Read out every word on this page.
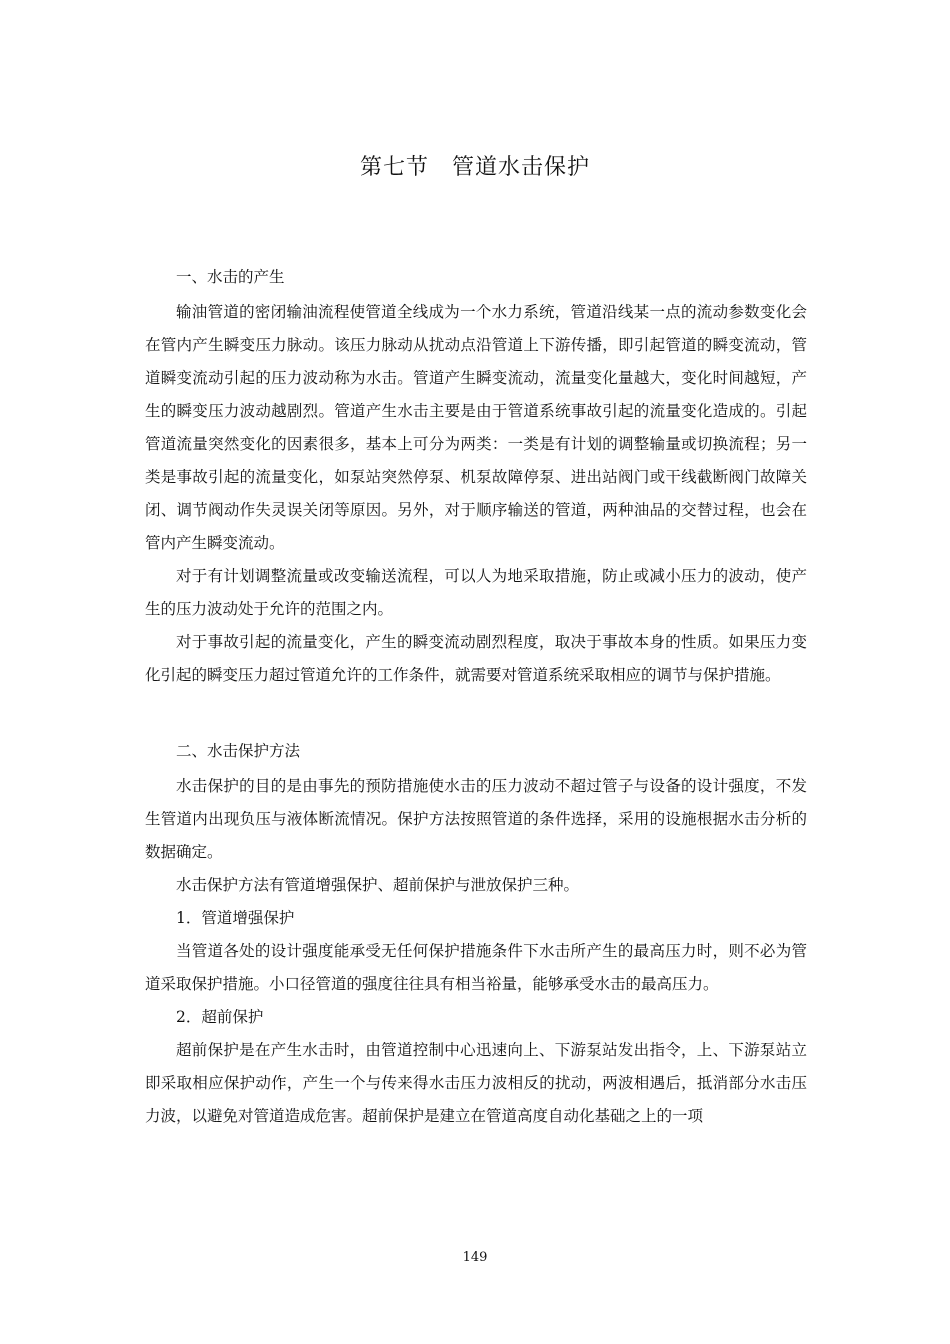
第七节　管道水击保护
一、水击的产生

输油管道的密闭输油流程使管道全线成为一个水力系统，管道沿线某一点的流动参数变化会在管内产生瞬变压力脉动。该压力脉动从扰动点沿管道上下游传播，即引起管道的瞬变流动，管道瞬变流动引起的压力波动称为水击。管道产生瞬变流动，流量变化量越大，变化时间越短，产生的瞬变压力波动越剧烈。管道产生水击主要是由于管道系统事故引起的流量变化造成的。引起管道流量突然变化的因素很多，基本上可分为两类：一类是有计划的调整输量或切换流程；另一类是事故引起的流量变化，如泵站突然停泵、机泵故障停泵、进出站阀门或干线截断阀门故障关闭、调节阀动作失灵误关闭等原因。另外，对于顺序输送的管道，两种油品的交替过程，也会在管内产生瞬变流动。

对于有计划调整流量或改变输送流程，可以人为地采取措施，防止或减小压力的波动，使产生的压力波动处于允许的范围之内。

对于事故引起的流量变化，产生的瞬变流动剧烈程度，取决于事故本身的性质。如果压力变化引起的瞬变压力超过管道允许的工作条件，就需要对管道系统采取相应的调节与保护措施。

二、水击保护方法

水击保护的目的是由事先的预防措施使水击的压力波动不超过管子与设备的设计强度，不发生管道内出现负压与液体断流情况。保护方法按照管道的条件选择，采用的设施根据水击分析的数据确定。

水击保护方法有管道增强保护、超前保护与泄放保护三种。

1．管道增强保护

当管道各处的设计强度能承受无任何保护措施条件下水击所产生的最高压力时，则不必为管道采取保护措施。小口径管道的强度往往具有相当裕量，能够承受水击的最高压力。

2．超前保护

超前保护是在产生水击时，由管道控制中心迅速向上、下游泵站发出指令，上、下游泵站立即采取相应保护动作，产生一个与传来得水击压力波相反的扰动，两波相遇后，抵消部分水击压力波，以避免对管道造成危害。超前保护是建立在管道高度自动化基础之上的一项

149
